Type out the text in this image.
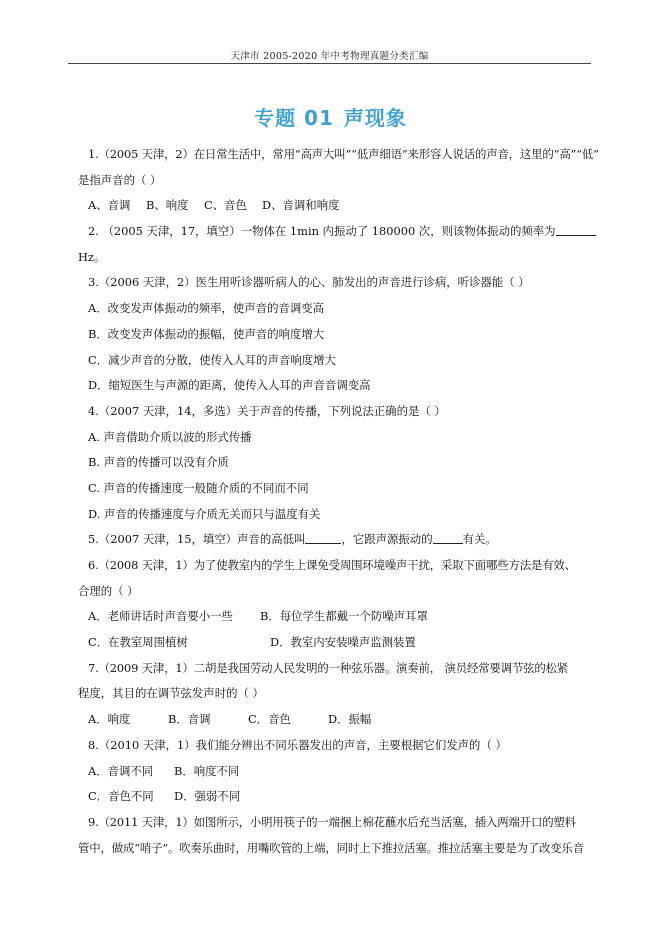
天津市 2005-2020 年中考物理真题分类汇编
专题 01 声现象
1.（2005 天津，2）在日常生活中，常用“高声大叫”“低声细语”来形容人说话的声音，这里的“高”“低”
是指声音的（ ）
A、音调	B、响度	C、音色	D、音调和响度
2. （2005 天津，17，填空）一物体在 1min 内振动了 180000 次，则该物体振动的频率为
Hz。
3.（2006 天津，2）医生用听诊器听病人的心、肺发出的声音进行诊病，听诊器能（ ）
A．改变发声体振动的频率，使声音的音调变高
B．改变发声体振动的振幅，使声音的响度增大
C．减少声音的分散，使传入人耳的声音响度增大
D．缩短医生与声源的距离，使传入人耳的声音音调变高
4.（2007 天津，14，多选）关于声音的传播，下列说法正确的是（ ）
A. 声音借助介质以波的形式传播
B. 声音的传播可以没有介质
C. 声音的传播速度一般随介质的不同而不同
D. 声音的传播速度与介质无关而只与温度有关
5.（2007 天津，15，填空）声音的高低叫	，它跟声源振动的	有关。
6.（2008 天津，1）为了使教室内的学生上课免受周围环境噪声干扰，采取下面哪些方法是有效、
合理的（ ）
A．老师讲话时声音要小一些	B．每位学生都戴一个防噪声耳罩
C．在教室周围植树	D．教室内安装噪声监测装置
7.（2009 天津，1）二胡是我国劳动人民发明的一种弦乐器。演奏前， 演员经常要调节弦的松紧
程度，其目的在调节弦发声时的（ ）
A．响度	B．音调	C．音色	D．振幅
8.（2010 天津，1）我们能分辨出不同乐器发出的声音，主要根据它们发声的（ ）
A．音调不同	B．响度不同
C．音色不同	D．强弱不同
9.（2011 天津，1）如图所示，小明用筷子的一端捆上棉花蘸水后充当活塞，插入两端开口的塑料
管中，做成“哨子”。吹奏乐曲时，用嘴吹管的上端，同时上下推拉活塞。推拉活塞主要是为了改变乐音
